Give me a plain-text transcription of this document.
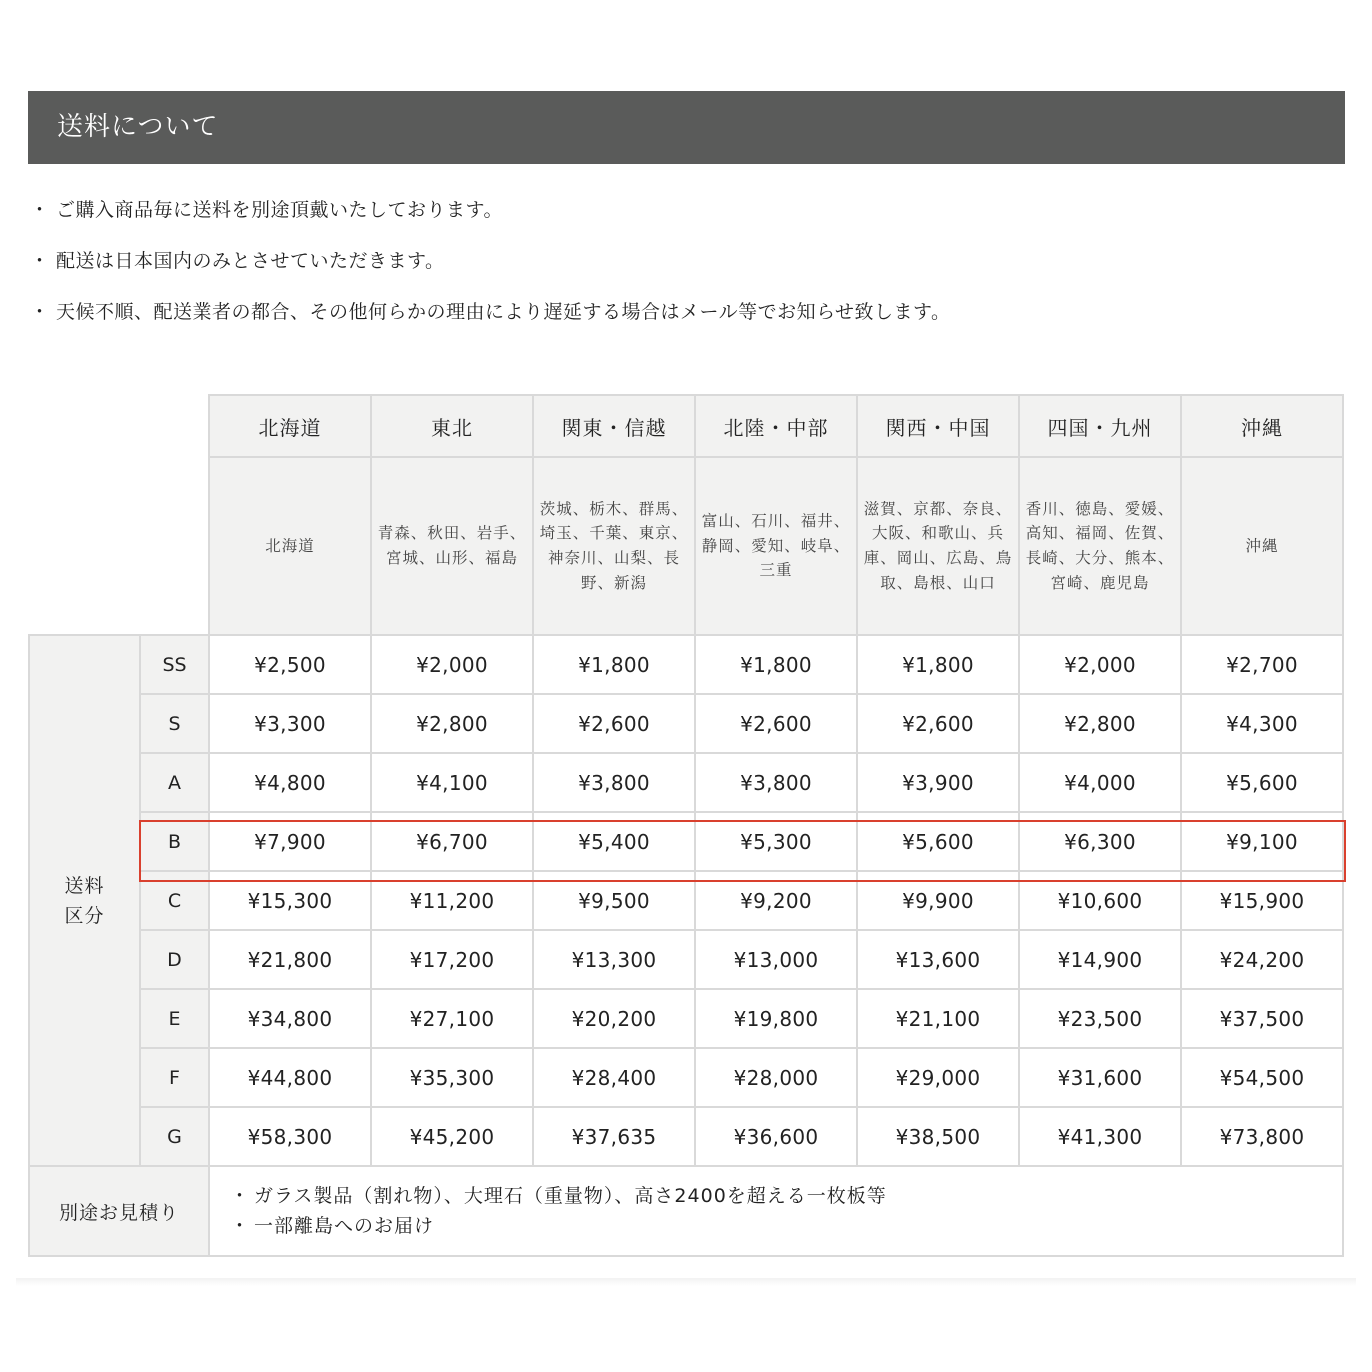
送料について
・ ご購入商品毎に送料を別途頂戴いたしております。
・ 配送は日本国内のみとさせていただきます。
・ 天候不順、配送業者の都合、その他何らかの理由により遅延する場合はメール等でお知らせ致します。
		北海道	東北	関東・信越	北陸・中部	関西・中国	四国・九州	沖縄
		北海道	青森、秋田、岩手、宮城、山形、福島	茨城、栃木、群馬、埼玉、千葉、東京、神奈川、山梨、長野、新潟	富山、石川、福井、静岡、愛知、岐阜、三重	滋賀、京都、奈良、大阪、和歌山、兵庫、岡山、広島、鳥取、島根、山口	香川、徳島、愛媛、高知、福岡、佐賀、長崎、大分、熊本、宮崎、鹿児島	沖縄

送料
区分	SS	¥2,500	¥2,000	¥1,800	¥1,800	¥1,800	¥2,000	¥2,700
	S	¥3,300	¥2,800	¥2,600	¥2,600	¥2,600	¥2,800	¥4,300
	A	¥4,800	¥4,100	¥3,800	¥3,800	¥3,900	¥4,000	¥5,600
	B	¥7,900	¥6,700	¥5,400	¥5,300	¥5,600	¥6,300	¥9,100
	C	¥15,300	¥11,200	¥9,500	¥9,200	¥9,900	¥10,600	¥15,900
	D	¥21,800	¥17,200	¥13,300	¥13,000	¥13,600	¥14,900	¥24,200
	E	¥34,800	¥27,100	¥20,200	¥19,800	¥21,100	¥23,500	¥37,500
	F	¥44,800	¥35,300	¥28,400	¥28,000	¥29,000	¥31,600	¥54,500
	G	¥58,300	¥45,200	¥37,635	¥36,600	¥38,500	¥41,300	¥73,800
別途お見積り		・ ガラス製品（割れ物）、大理石（重量物）、高さ2400を超える一枚板等
・ 一部離島へのお届け						
